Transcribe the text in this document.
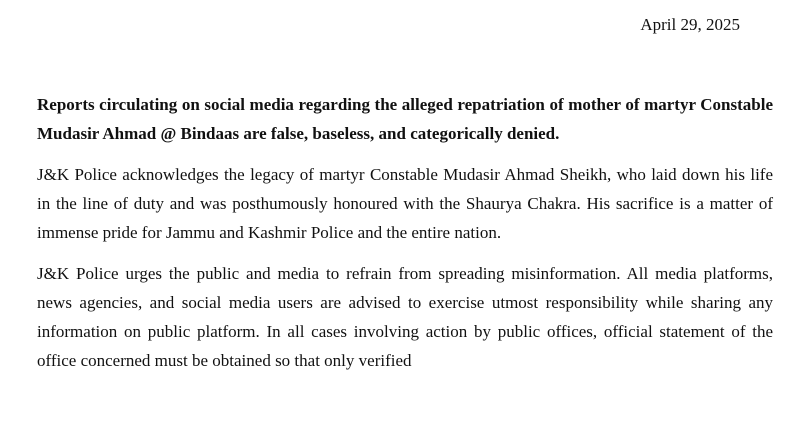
April 29, 2025

Reports circulating on social media regarding the alleged repatriation of mother of martyr Constable Mudasir Ahmad @ Bindaas are false, baseless, and categorically denied.

J&K Police acknowledges the legacy of martyr Constable Mudasir Ahmad Sheikh, who laid down his life in the line of duty and was posthumously honoured with the Shaurya Chakra. His sacrifice is a matter of immense pride for Jammu and Kashmir Police and the entire nation.

J&K Police urges the public and media to refrain from spreading misinformation. All media platforms, news agencies, and social media users are advised to exercise utmost responsibility while sharing any information on public platform. In all cases involving action by public offices, official statement of the office concerned must be obtained so that only verified
